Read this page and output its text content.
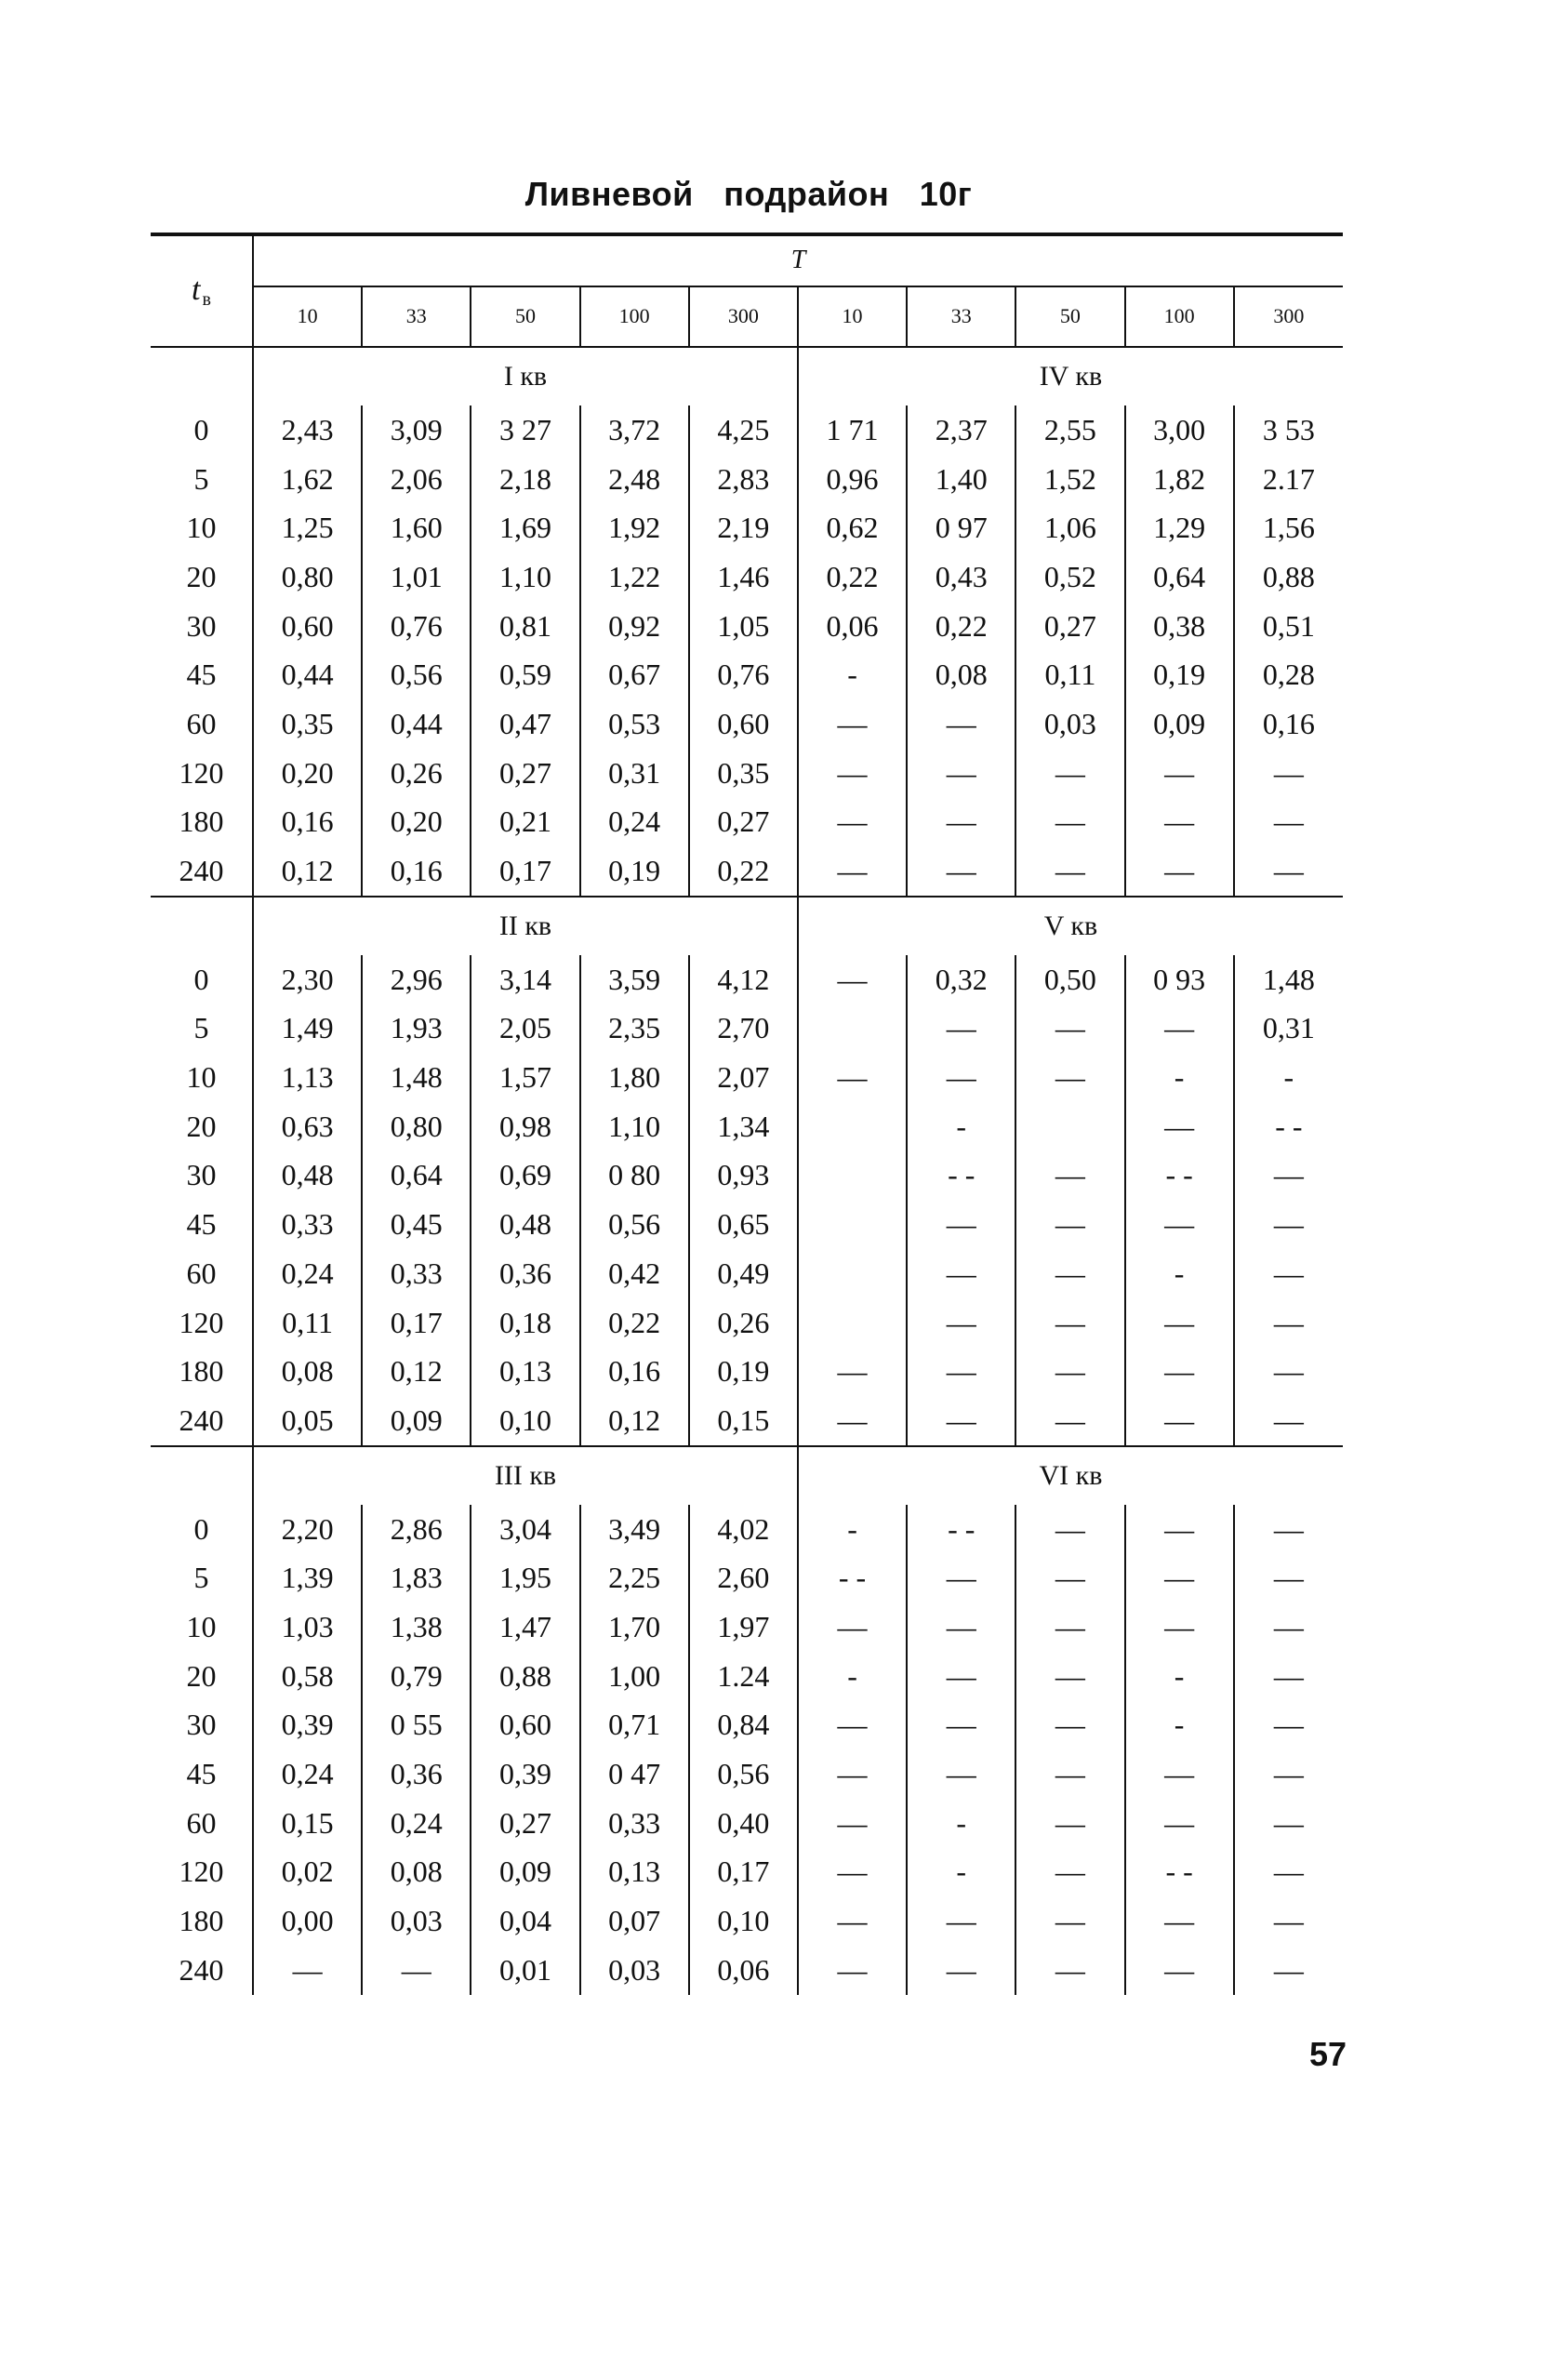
Ливневой подрайон 10г
t в	T									
	10	33	50	100	300	10	33	50	100	300
	I кв					IV кв				
0	2,43	3,09	3 27	3,72	4,25	1 71	2,37	2,55	3,00	3 53
5	1,62	2,06	2,18	2,48	2,83	0,96	1,40	1,52	1,82	2.17
10	1,25	1,60	1,69	1,92	2,19	0,62	0 97	1,06	1,29	1,56
20	0,80	1,01	1,10	1,22	1,46	0,22	0,43	0,52	0,64	0,88
30	0,60	0,76	0,81	0,92	1,05	0,06	0,22	0,27	0,38	0,51
45	0,44	0,56	0,59	0,67	0,76	-	0,08	0,11	0,19	0,28
60	0,35	0,44	0,47	0,53	0,60	—	—	0,03	0,09	0,16
120	0,20	0,26	0,27	0,31	0,35	—	—	—	—	—
180	0,16	0,20	0,21	0,24	0,27	—	—	—	—	—
240	0,12	0,16	0,17	0,19	0,22	—	—	—	—	—
	II кв					V кв				
0	2,30	2,96	3,14	3,59	4,12	—	0,32	0,50	0 93	1,48
5	1,49	1,93	2,05	2,35	2,70		—	—	—	0,31
10	1,13	1,48	1,57	1,80	2,07	—	—	—	-	-
20	0,63	0,80	0,98	1,10	1,34		-		—	- -
30	0,48	0,64	0,69	0 80	0,93		- -	—	- -	—
45	0,33	0,45	0,48	0,56	0,65		—	—	—	—
60	0,24	0,33	0,36	0,42	0,49		—	—	-	—
120	0,11	0,17	0,18	0,22	0,26		—	—	—	—
180	0,08	0,12	0,13	0,16	0,19	—	—	—	—	—
240	0,05	0,09	0,10	0,12	0,15	—	—	—	—	—
	III кв					VI кв				
0	2,20	2,86	3,04	3,49	4,02	-	- -	—	—	—
5	1,39	1,83	1,95	2,25	2,60	- -	—	—	—	—
10	1,03	1,38	1,47	1,70	1,97	—	—	—	—	—
20	0,58	0,79	0,88	1,00	1.24	-	—	—	-	—
30	0,39	0 55	0,60	0,71	0,84	—	—	—	-	—
45	0,24	0,36	0,39	0 47	0,56	—	—	—	—	—
60	0,15	0,24	0,27	0,33	0,40	—	-	—	—	—
120	0,02	0,08	0,09	0,13	0,17	—	-	—	- -	—
180	0,00	0,03	0,04	0,07	0,10	—	—	—	—	—
240	—	—	0,01	0,03	0,06	—	—	—	—	—
57
